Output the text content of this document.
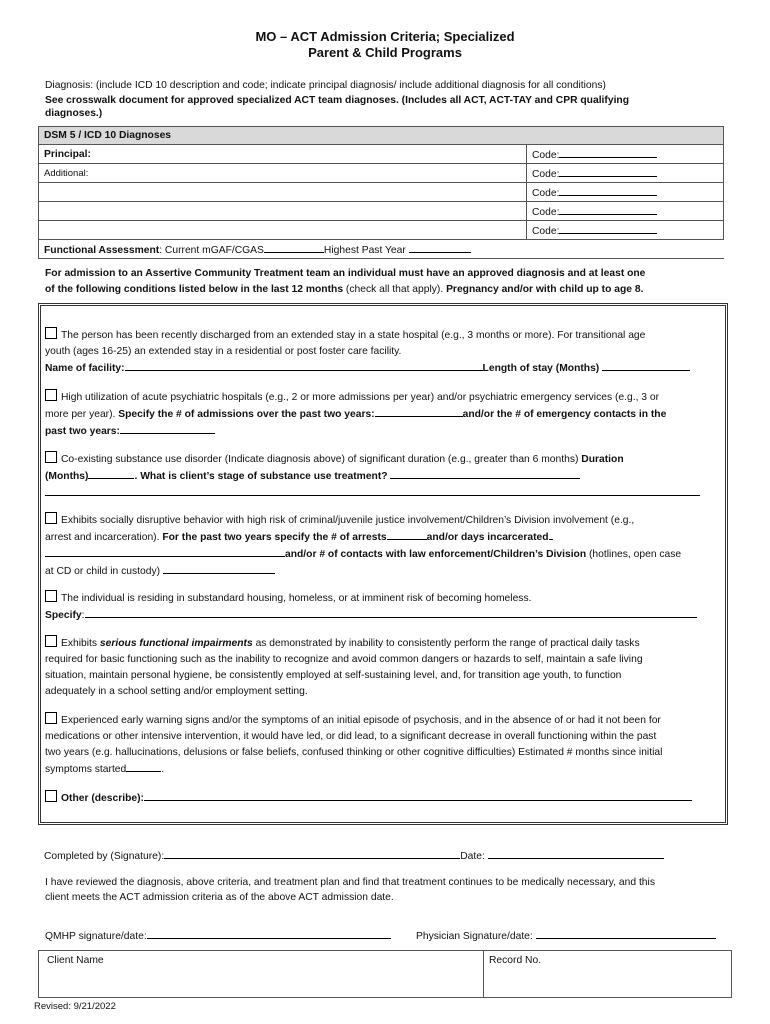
MO – ACT Admission Criteria; Specialized
Parent & Child Programs
Diagnosis: (include ICD 10 description and code; indicate principal diagnosis/ include additional diagnosis for all conditions)
See crosswalk document for approved specialized ACT team diagnoses. (Includes all ACT, ACT-TAY and CPR qualifying
diagnoses.)
DSM 5 / ICD 10 Diagnoses	
Principal:	Code:
Additional:	Code:
	Code:
	Code:
	Code:
Functional Assessment: Current mGAF/CGAS Highest Past Year	
For admission to an Assertive Community Treatment team an individual must have an approved diagnosis and at least one
of the following conditions listed below in the last 12 months (check all that apply). Pregnancy and/or with child up to age 8.
The person has been recently discharged from an extended stay in a state hospital (e.g., 3 months or more). For transitional age
youth (ages 16-25) an extended stay in a residential or post foster care facility.
Name of facility:	Length of stay (Months)
High utilization of acute psychiatric hospitals (e.g., 2 or more admissions per year) and/or psychiatric emergency services (e.g., 3 or
more per year). Specify the # of admissions over the past two years:	and/or the # of emergency contacts in the
past two years:
Co-existing substance use disorder (Indicate diagnosis above) of significant duration (e.g., greater than 6 months) Duration
(Months)	. What is client’s stage of substance use treatment?

Exhibits socially disruptive behavior with high risk of criminal/juvenile justice involvement/Children’s Division involvement (e.g.,
arrest and incarceration). For the past two years specify the # of arrests	and/or days incarcerated
and/or # of contacts with law enforcement/Children’s Division (hotlines, open case
at CD or child in custody)
The individual is residing in substandard housing, homeless, or at imminent risk of becoming homeless.
Specify:
Exhibits serious functional impairments as demonstrated by inability to consistently perform the range of practical daily tasks
required for basic functioning such as the inability to recognize and avoid common dangers or hazards to self, maintain a safe living
situation, maintain personal hygiene, be consistently employed at self-sustaining level, and, for transition age youth, to function
adequately in a school setting and/or employment setting.
Experienced early warning signs and/or the symptoms of an initial episode of psychosis, and in the absence of or had it not been for
medications or other intensive intervention, it would have led, or did lead, to a significant decrease in overall functioning within the past
two years (e.g. hallucinations, delusions or false beliefs, confused thinking or other cognitive difficulties) Estimated # months since initial
symptoms started	.
Other (describe):
Completed by (Signature):	Date:
I have reviewed the diagnosis, above criteria, and treatment plan and find that treatment continues to be medically necessary, and this
client meets the ACT admission criteria as of the above ACT admission date.
QMHP signature/date:	Physician Signature/date:
Client Name	Record No.
Revised: 9/21/2022
